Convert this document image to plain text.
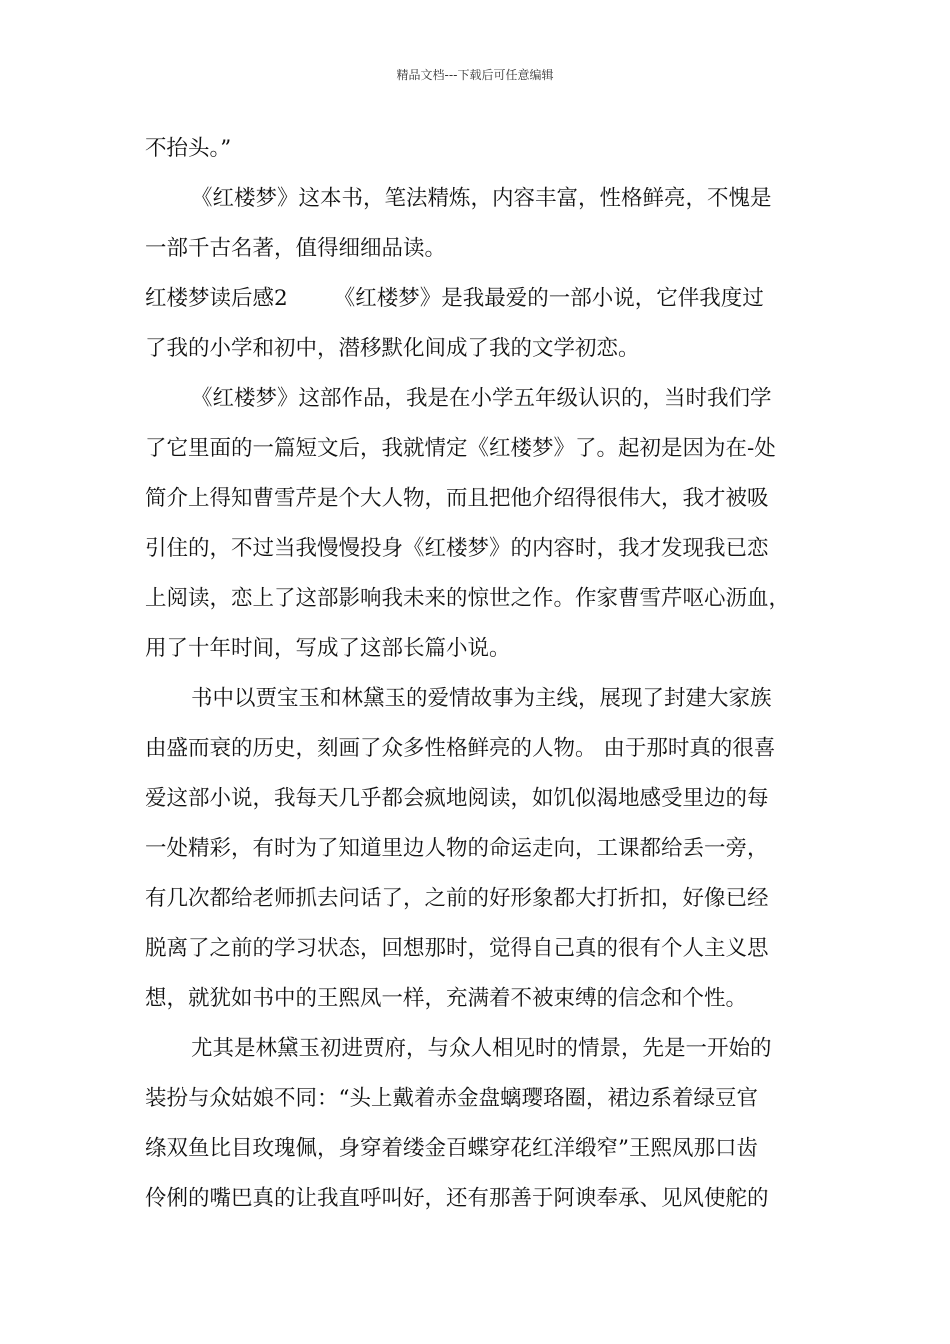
精品文档---下载后可任意编辑
不抬头。”
《红楼梦》这本书，笔法精炼，内容丰富，性格鲜亮，不愧是
一部千古名著，值得细细品读。
红楼梦读后感2 《红楼梦》是我最爱的一部小说，它伴我度过
了我的小学和初中，潜移默化间成了我的文学初恋。
《红楼梦》这部作品，我是在小学五年级认识的，当时我们学
了它里面的一篇短文后，我就情定《红楼梦》了。起初是因为在-处
简介上得知曹雪芹是个大人物，而且把他介绍得很伟大，我才被吸
引住的，不过当我慢慢投身《红楼梦》的内容时，我才发现我已恋
上阅读，恋上了这部影响我未来的惊世之作。作家曹雪芹呕心沥血，
用了十年时间，写成了这部长篇小说。
书中以贾宝玉和林黛玉的爱情故事为主线，展现了封建大家族
由盛而衰的历史，刻画了众多性格鲜亮的人物。 由于那时真的很喜
爱这部小说，我每天几乎都会疯地阅读，如饥似渴地感受里边的每
一处精彩，有时为了知道里边人物的命运走向，工课都给丢一旁，
有几次都给老师抓去问话了，之前的好形象都大打折扣，好像已经
脱离了之前的学习状态，回想那时，觉得自己真的很有个人主义思
想，就犹如书中的王熙凤一样，充满着不被束缚的信念和个性。
尤其是林黛玉初进贾府，与众人相见时的情景，先是一开始的
装扮与众姑娘不同：“头上戴着赤金盘螭璎珞圈，裙边系着绿豆官
绦双鱼比目玫瑰佩，身穿着缕金百蝶穿花红洋缎窄”王熙凤那口齿
伶俐的嘴巴真的让我直呼叫好，还有那善于阿谀奉承、见风使舵的
